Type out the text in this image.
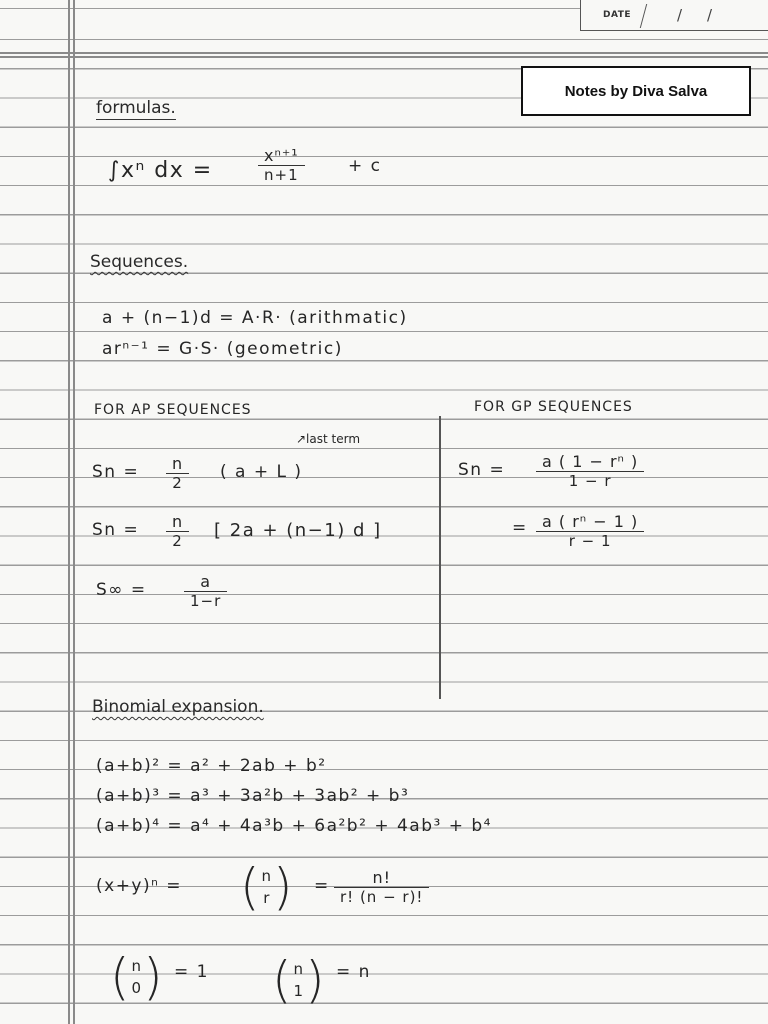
DATE	/ /
Notes by Diva Salva
formulas.
∫xⁿ dx =
xⁿ⁺¹
n+1	+ c
Sequences.
a + (n−1)d = A·R· (arithmatic)
arⁿ⁻¹ = G·S· (geometric)
FOR AP SEQUENCES
↗last term
Sn =	n
2
( a + L )
Sn =	n
2
[ 2a + (n−1) d ]
S∞ =	a
1−r
FOR GP SEQUENCES
Sn =	a ( 1 − rⁿ )
1 − r
= a ( rⁿ − 1 )
r − 1
Binomial expansion.
(a+b)² = a² + 2ab + b²
(a+b)³ = a³ + 3a²b + 3ab² + b³
(a+b)⁴ = a⁴ + 4a³b + 6a²b² + 4ab³ + b⁴
(x+y)ⁿ = ( n
r ) =	n!
r! (n − r)!
( n
0 ) = 1 ( n
1 ) = n
